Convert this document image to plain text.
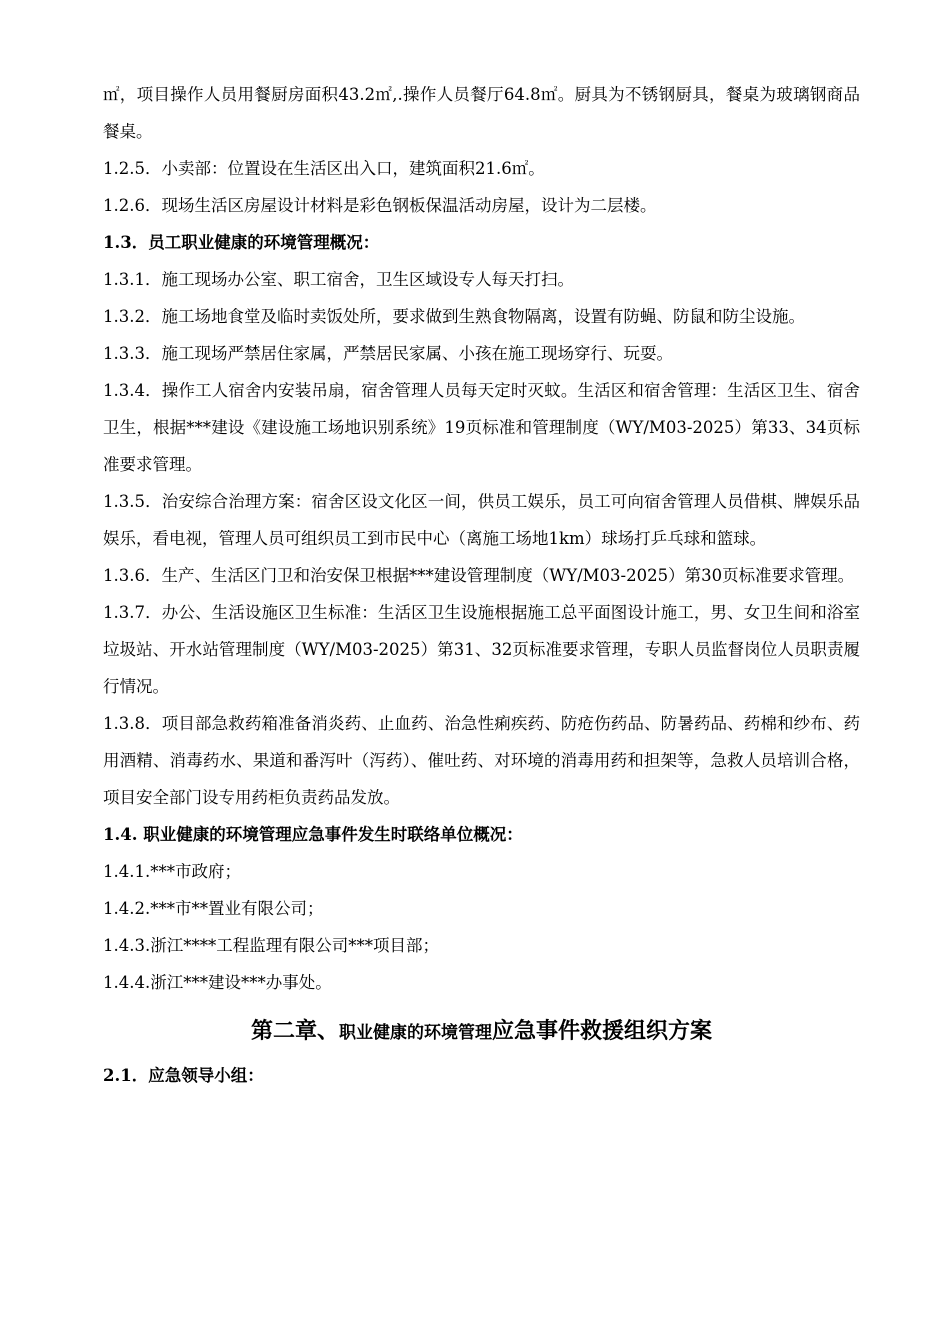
㎡，项目操作人员用餐厨房面积43.2㎡,.操作人员餐厅64.8㎡。厨具为不锈钢厨具，餐桌为玻璃钢商品餐桌。

1.2.5．小卖部：位置设在生活区出入口，建筑面积21.6㎡。

1.2.6．现场生活区房屋设计材料是彩色钢板保温活动房屋，设计为二层楼。

1.3．员工职业健康的环境管理概况：

1.3.1．施工现场办公室、职工宿舍，卫生区域设专人每天打扫。

1.3.2．施工场地食堂及临时卖饭处所，要求做到生熟食物隔离，设置有防蝇、防鼠和防尘设施。

1.3.3．施工现场严禁居住家属，严禁居民家属、小孩在施工现场穿行、玩耍。

1.3.4．操作工人宿舍内安装吊扇，宿舍管理人员每天定时灭蚊。生活区和宿舍管理：生活区卫生、宿舍卫生，根据***建设《建设施工场地识别系统》19页标准和管理制度（WY/M03-2025）第33、34页标准要求管理。

1.3.5．治安综合治理方案：宿舍区设文化区一间，供员工娱乐，员工可向宿舍管理人员借棋、牌娱乐品娱乐，看电视，管理人员可组织员工到市民中心（离施工场地1km）球场打乒乓球和篮球。

1.3.6．生产、生活区门卫和治安保卫根据***建设管理制度（WY/M03-2025）第30页标准要求管理。

1.3.7．办公、生活设施区卫生标准：生活区卫生设施根据施工总平面图设计施工，男、女卫生间和浴室垃圾站、开水站管理制度（WY/M03-2025）第31、32页标准要求管理，专职人员监督岗位人员职责履行情况。

1.3.8．项目部急救药箱准备消炎药、止血药、治急性痢疾药、防疮伤药品、防暑药品、药棉和纱布、药用酒精、消毒药水、果道和番泻叶（泻药）、催吐药、对环境的消毒用药和担架等，急救人员培训合格，项目安全部门设专用药柜负责药品发放。

1.4. 职业健康的环境管理应急事件发生时联络单位概况：

1.4.1.***市政府；

1.4.2.***市**置业有限公司；

1.4.3.浙江****工程监理有限公司***项目部；

1.4.4.浙江***建设***办事处。

第二章、职业健康的环境管理应急事件救援组织方案

2.1．应急领导小组：
